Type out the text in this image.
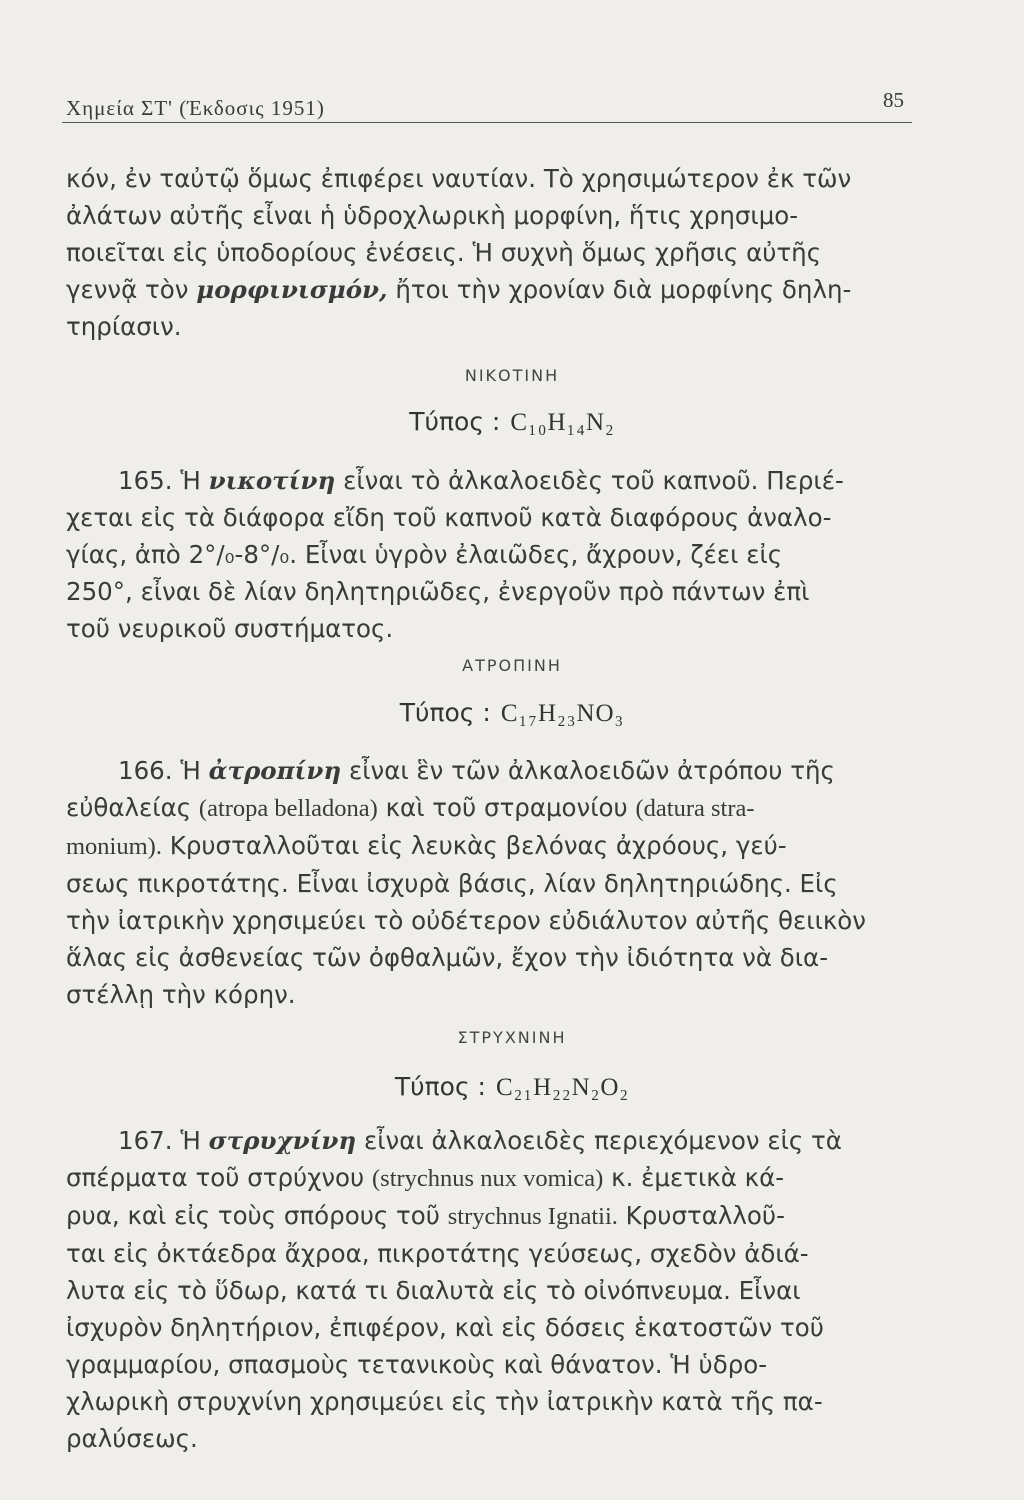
Χημεία ΣΤ' (Έκδοσις 1951)	85
κόν, ἐν ταὐτῷ ὅμως ἐπιφέρει ναυτίαν. Τὸ χρησιμώτερον ἐκ τῶν
ἀλάτων αὐτῆς εἶναι ἡ ὑδροχλωρικὴ μορφίνη, ἥτις χρησιμο-
ποιεῖται εἰς ὑποδορίους ἐνέσεις. Ἡ συχνὴ ὅμως χρῆσις αὐτῆς
γεννᾷ τὸν μορφινισμόν, ἤτοι τὴν χρονίαν διὰ μορφίνης δηλη-
τηρίασιν.
ΝΙΚΟΤΙΝΗ
Τύπος : C₁₀H₁₄N₂
165. Ἡ νικοτίνη εἶναι τὸ ἀλκαλοειδὲς τοῦ καπνοῦ. Περιέ-
χεται εἰς τὰ διάφορα εἴδη τοῦ καπνοῦ κατὰ διαφόρους ἀναλο-
γίας, ἀπὸ 2°/₀-8°/₀. Εἶναι ὑγρὸν ἐλαιῶδες, ἄχρουν, ζέει εἰς
250°, εἶναι δὲ λίαν δηλητηριῶδες, ἐνεργοῦν πρὸ πάντων ἐπὶ
τοῦ νευρικοῦ συστήματος.
ΑΤΡΟΠΙΝΗ
Τύπος : C₁₇H₂₃NO₃
166. Ἡ ἀτροπίνη εἶναι ἓν τῶν ἀλκαλοειδῶν ἀτρόπου τῆς
εὐθαλείας (atropa belladona) καὶ τοῦ στραμονίου (datura stra-
monium). Κρυσταλλοῦται εἰς λευκὰς βελόνας ἀχρόους, γεύ-
σεως πικροτάτης. Εἶναι ἰσχυρὰ βάσις, λίαν δηλητηριώδης. Εἰς
τὴν ἰατρικὴν χρησιμεύει τὸ οὐδέτερον εὐδιάλυτον αὐτῆς θειικὸν
ἅλας εἰς ἀσθενείας τῶν ὀφθαλμῶν, ἔχον τὴν ἰδιότητα νὰ δια-
στέλλῃ τὴν κόρην.
ΣΤΡΥΧΝΙΝΗ
Τύπος : C₂₁H₂₂N₂O₂
167. Ἡ στρυχνίνη εἶναι ἀλκαλοειδὲς περιεχόμενον εἰς τὰ
σπέρματα τοῦ στρύχνου (strychnus nux vomica) κ. ἐμετικὰ κά-
ρυα, καὶ εἰς τοὺς σπόρους τοῦ strychnus Ignatii. Κρυσταλλοῦ-
ται εἰς ὀκτάεδρα ἄχροα, πικροτάτης γεύσεως, σχεδὸν ἀδιά-
λυτα εἰς τὸ ὕδωρ, κατά τι διαλυτὰ εἰς τὸ οἰνόπνευμα. Εἶναι
ἰσχυρὸν δηλητήριον, ἐπιφέρον, καὶ εἰς δόσεις ἑκατοστῶν τοῦ
γραμμαρίου, σπασμοὺς τετανικοὺς καὶ θάνατον. Ἡ ὑδρο-
χλωρικὴ στρυχνίνη χρησιμεύει εἰς τὴν ἰατρικὴν κατὰ τῆς πα-
ραλύσεως.
